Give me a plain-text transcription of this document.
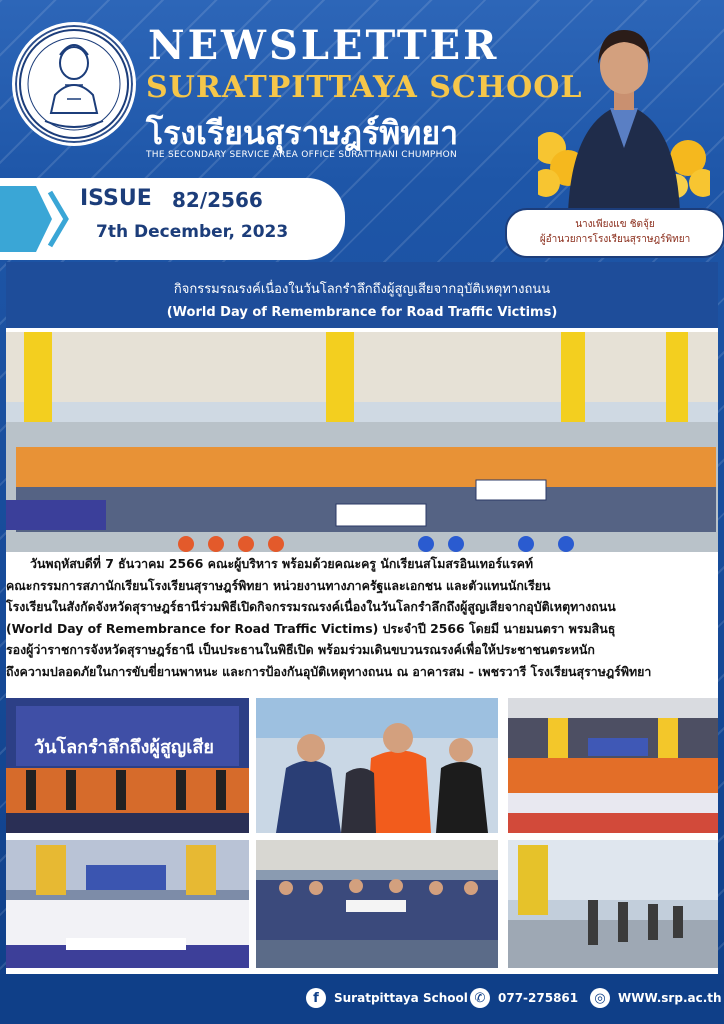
NEWSLETTER
SURATPITTAYA SCHOOL
โรงเรียนสุราษฎร์พิทยา
THE SECONDARY SERVICE AREA OFFICE SURATTHANI CHUMPHON
ISSUE 82/2566
7th December, 2023	นางเพียงแข ชิตจุ้ย
ผู้อำนวยการโรงเรียนสุราษฎร์พิทยา
กิจกรรมรณรงค์เนื่องในวันโลกรำลึกถึงผู้สูญเสียจากอุบัติเหตุทางถนน
(World Day of Remembrance for Road Traffic Victims)
วันพฤหัสบดีที่ 7 ธันวาคม 2566 คณะผู้บริหาร พร้อมด้วยคณะครู นักเรียนสโมสรอินเทอร์แรคท์
คณะกรรมการสภานักเรียนโรงเรียนสุราษฎร์พิทยา หน่วยงานทางภาครัฐและเอกชน และตัวแทนนักเรียน
โรงเรียนในสังกัดจังหวัดสุราษฎร์ธานีร่วมพิธีเปิดกิจกรรมรณรงค์เนื่องในวันโลกรำลึกถึงผู้สูญเสียจากอุบัติเหตุทางถนน
(World Day of Remembrance for Road Traffic Victims) ประจำปี 2566 โดยมี นายมนตรา พรมสินธุ
รองผู้ว่าราชการจังหวัดสุราษฎร์ธานี เป็นประธานในพิธีเปิด พร้อมร่วมเดินขบวนรณรงค์เพื่อให้ประชาชนตระหนัก
ถึงความปลอดภัยในการขับขี่ยานพาหนะ และการป้องกันอุบัติเหตุทางถนน ณ อาคารสม - เพชรวารี โรงเรียนสุราษฎร์พิทยา
วันโลกรำลึกถึงผู้สูญเสีย
f	Suratpittaya School ✆	077-275861	◎	WWW.srp.ac.th
